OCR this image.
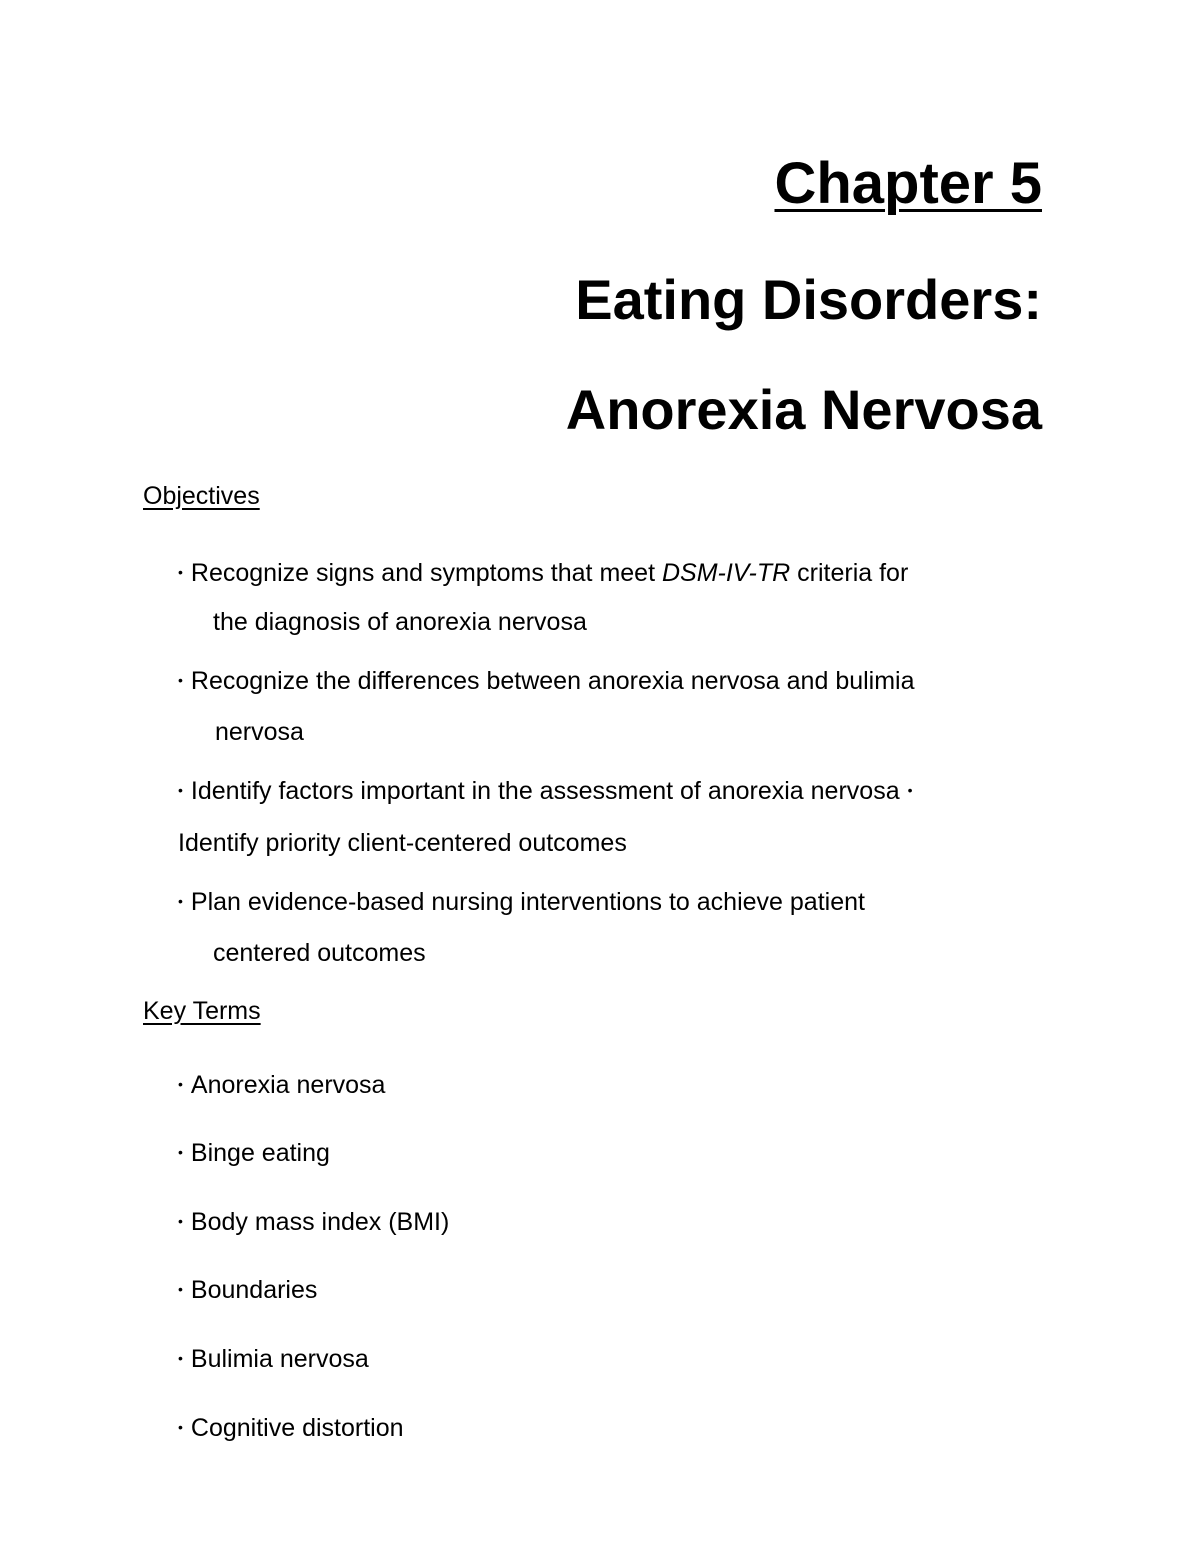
Chapter 5
Eating Disorders:
Anorexia Nervosa
Objectives
• Recognize signs and symptoms that meet DSM-IV-TR criteria for
the diagnosis of anorexia nervosa
• Recognize the differences between anorexia nervosa and bulimia
nervosa
• Identify factors important in the assessment of anorexia nervosa •
Identify priority client-centered outcomes
• Plan evidence-based nursing interventions to achieve patient
centered outcomes
Key Terms
• Anorexia nervosa
• Binge eating
• Body mass index (BMI)
• Boundaries
• Bulimia nervosa
• Cognitive distortion
